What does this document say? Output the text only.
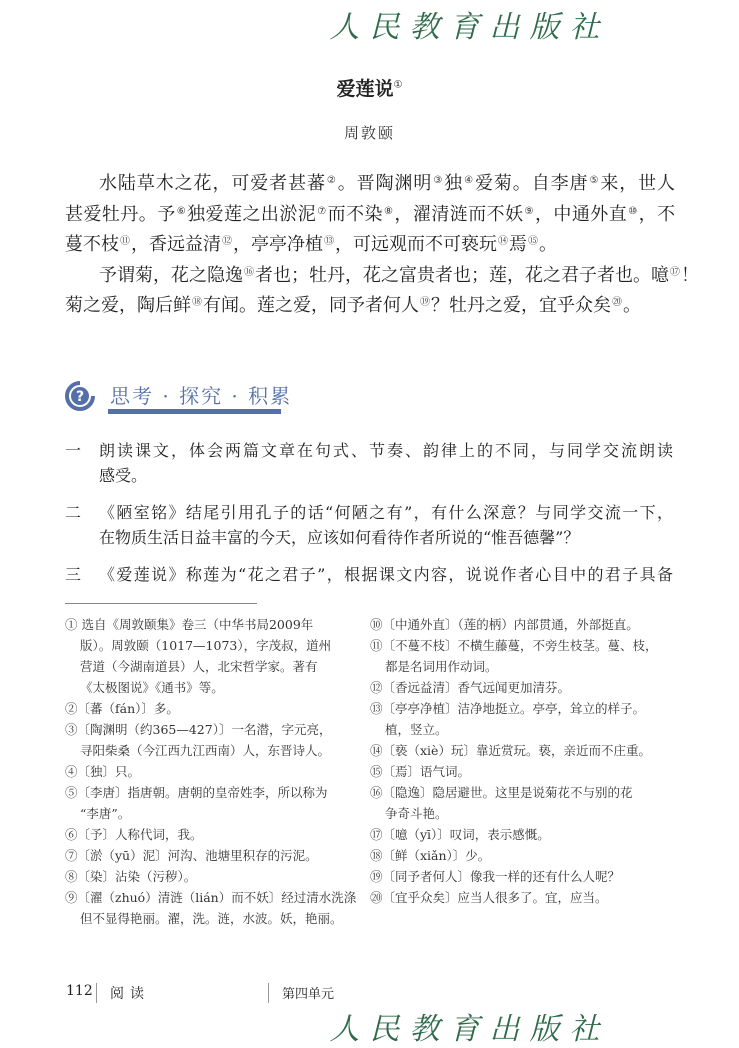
人民教育出版社
爱莲说①
周敦颐
水陆草木之花，可爱者甚蕃②。晋陶渊明③独④爱菊。自李唐⑤来，世人
甚爱牡丹。予⑥独爱莲之出淤泥⑦而不染⑧，濯清涟而不妖⑨，中通外直⑩，不
蔓不枝⑪，香远益清⑫，亭亭净植⑬，可远观而不可亵玩⑭焉⑮。
予谓菊，花之隐逸⑯者也；牡丹，花之富贵者也；莲，花之君子者也。噫⑰！
菊之爱，陶后鲜⑱有闻。莲之爱，同予者何人⑲？牡丹之爱，宜乎众矣⑳。
? 思考 · 探究 · 积累
一	朗读课文，体会两篇文章在句式、节奏、韵律上的不同，与同学交流朗读
感受。
二	《陋室铭》结尾引用孔子的话“何陋之有”，有什么深意？与同学交流一下，
在物质生活日益丰富的今天，应该如何看待作者所说的“惟吾德馨”？
三	《爱莲说》称莲为“花之君子”，根据课文内容，说说作者心目中的君子具备
① 选自《周敦颐集》卷三（中华书局2009年
版）。周敦颐（1017—1073），字茂叔，道州
营道（今湖南道县）人，北宋哲学家。著有
《太极图说》《通书》等。
②〔蕃（fán）〕多。
③〔陶渊明（约365—427）〕一名潜，字元亮，
寻阳柴桑（今江西九江西南）人，东晋诗人。
④〔独〕只。
⑤〔李唐〕指唐朝。唐朝的皇帝姓李，所以称为
“李唐”。
⑥〔予〕人称代词，我。
⑦〔淤（yū）泥〕河沟、池塘里积存的污泥。
⑧〔染〕沾染（污秽）。
⑨〔濯（zhuó）清涟（lián）而不妖〕经过清水洗涤
但不显得艳丽。濯，洗。涟，水波。妖，艳丽。
⑩〔中通外直〕（莲的柄）内部贯通，外部挺直。
⑪〔不蔓不枝〕不横生藤蔓，不旁生枝茎。蔓、枝，
都是名词用作动词。
⑫〔香远益清〕香气远闻更加清芬。
⑬〔亭亭净植〕洁净地挺立。亭亭，耸立的样子。
植，竖立。
⑭〔亵（xiè）玩〕靠近赏玩。亵，亲近而不庄重。
⑮〔焉〕语气词。
⑯〔隐逸〕隐居避世。这里是说菊花不与别的花
争奇斗艳。
⑰〔噫（yī）〕叹词，表示感慨。
⑱〔鲜（xiǎn）〕少。
⑲〔同予者何人〕像我一样的还有什么人呢？
⑳〔宜乎众矣〕应当人很多了。宜，应当。
112 阅读	第四单元
人民教育出版社
